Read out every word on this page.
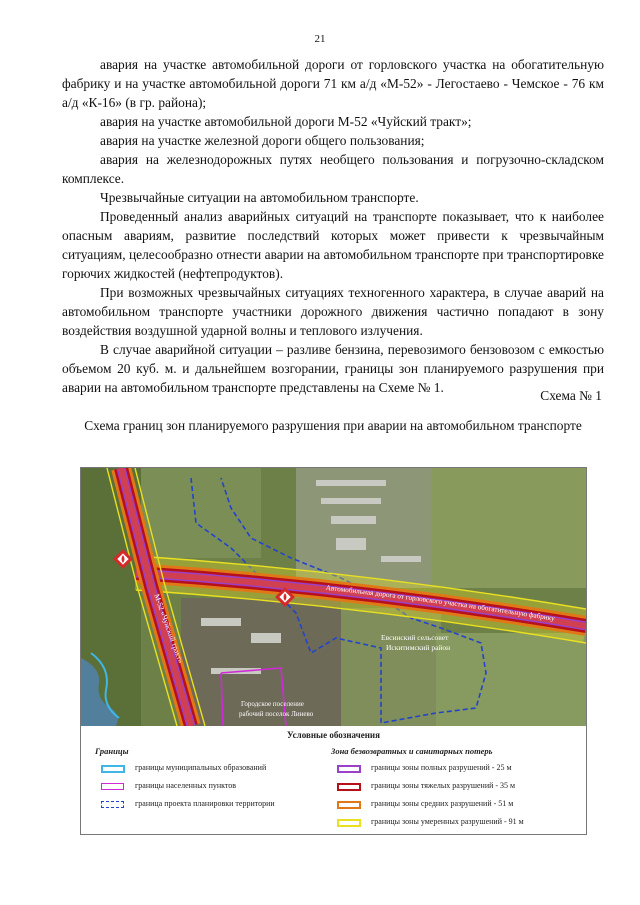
21

авария на участке автомобильной дороги от горловского участка на обогатительную фабрику и на участке автомобильной дороги 71 км а/д «М-52» - Легостаево - Чемское - 76 км а/д «К-16» (в гр. района);

авария на участке автомобильной дороги М-52 «Чуйский тракт»;

авария на участке железной дороги общего пользования;

авария на железнодорожных путях необщего пользования и погрузочно-складском комплексе.

Чрезвычайные ситуации на автомобильном транспорте.

Проведенный анализ аварийных ситуаций на транспорте показывает, что к наиболее опасным авариям, развитие последствий которых может привести к чрезвычайным ситуациям, целесообразно отнести аварии на автомобильном транспорте при транспортировке горючих жидкостей (нефтепродуктов).

При возможных чрезвычайных ситуациях техногенного характера, в случае аварий на автомобильном транспорте участники дорожного движения частично попадают в зону воздействия воздушной ударной волны и теплового излучения.

В случае аварийной ситуации – разливе бензина, перевозимого бензовозом с емкостью объемом 20 куб. м. и дальнейшем возгорании, границы зон планируемого разрушения при аварии на автомобильном транспорте представлены на Схеме № 1.

Схема № 1
Схема границ зон планируемого разрушения при аварии на автомобильном транспорте
Автомобильная дорога от горловского участка на обогатительную фабрику
М-52 «Чуйский тракт»
Евсинский сельсовет
Искитимский район
Городское поселение
рабочий поселок Линево
Условные обозначения
Границы	Зона безвозвратных и санитарных потерь
границы муниципальных образований
границы населенных пунктов
граница проекта планировки территории
границы зоны полных разрушений - 25 м
границы зоны тяжелых разрушений - 35 м
границы зоны средних разрушений - 51 м
границы зоны умеренных разрушений - 91 м
